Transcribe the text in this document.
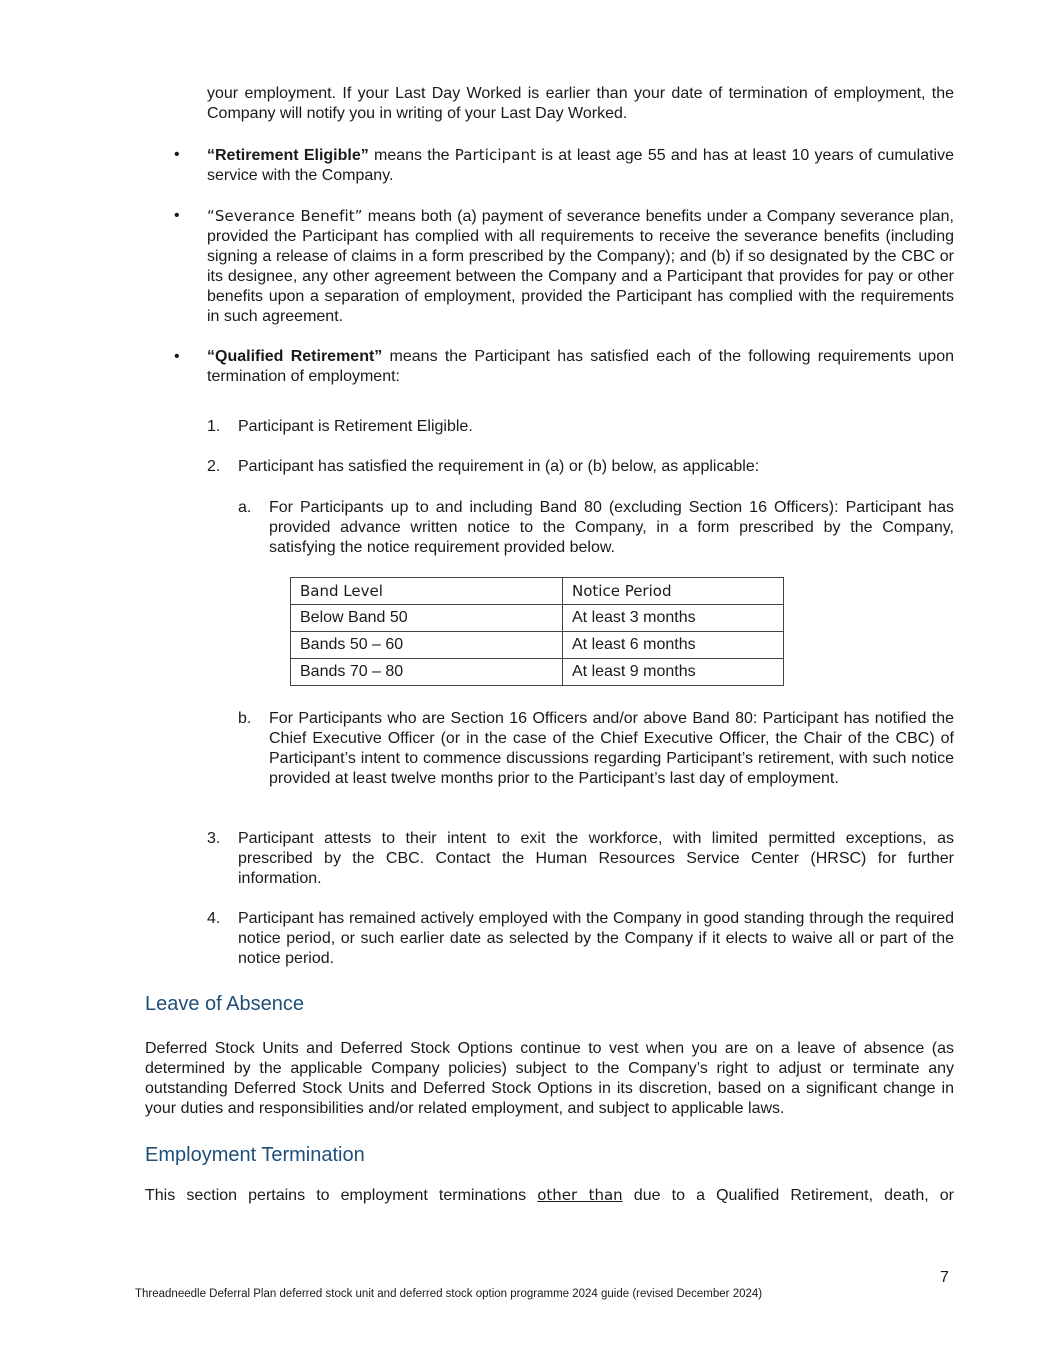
your employment. If your Last Day Worked is earlier than your date of termination of employment, the Company will notify you in writing of your Last Day Worked.

•	“Retirement Eligible” means the Participant is at least age 55 and has at least 10 years of cumulative service with the Company.
•	“Severance Benefit” means both (a) payment of severance benefits under a Company severance plan, provided the Participant has complied with all requirements to receive the severance benefits (including signing a release of claims in a form prescribed by the Company); and (b) if so designated by the CBC or its designee, any other agreement between the Company and a Participant that provides for pay or other benefits upon a separation of employment, provided the Participant has complied with the requirements in such agreement.
•	“Qualified Retirement” means the Participant has satisfied each of the following requirements upon termination of employment:
1. Participant is Retirement Eligible.
2. Participant has satisfied the requirement in (a) or (b) below, as applicable:
a. For Participants up to and including Band 80 (excluding Section 16 Officers): Participant has provided advance written notice to the Company, in a form prescribed by the Company, satisfying the notice requirement provided below.
Band Level	Notice Period
Below Band 50	At least 3 months
Bands 50 – 60	At least 6 months
Bands 70 – 80	At least 9 months
b. For Participants who are Section 16 Officers and/or above Band 80: Participant has notified the Chief Executive Officer (or in the case of the Chief Executive Officer, the Chair of the CBC) of Participant’s intent to commence discussions regarding Participant’s retirement, with such notice provided at least twelve months prior to the Participant’s last day of employment.
3. Participant attests to their intent to exit the workforce, with limited permitted exceptions, as prescribed by the CBC. Contact the Human Resources Service Center (HRSC) for further information.
4. Participant has remained actively employed with the Company in good standing through the required notice period, or such earlier date as selected by the Company if it elects to waive all or part of the notice period.
Leave of Absence

Deferred Stock Units and Deferred Stock Options continue to vest when you are on a leave of absence (as determined by the applicable Company policies) subject to the Company’s right to adjust or terminate any outstanding Deferred Stock Units and Deferred Stock Options in its discretion, based on a significant change in your duties and responsibilities and/or related employment, and subject to applicable laws.

Employment Termination

This section pertains to employment terminations other than due to a Qualified Retirement, death, or

7
Threadneedle Deferral Plan deferred stock unit and deferred stock option programme 2024 guide (revised December 2024)
